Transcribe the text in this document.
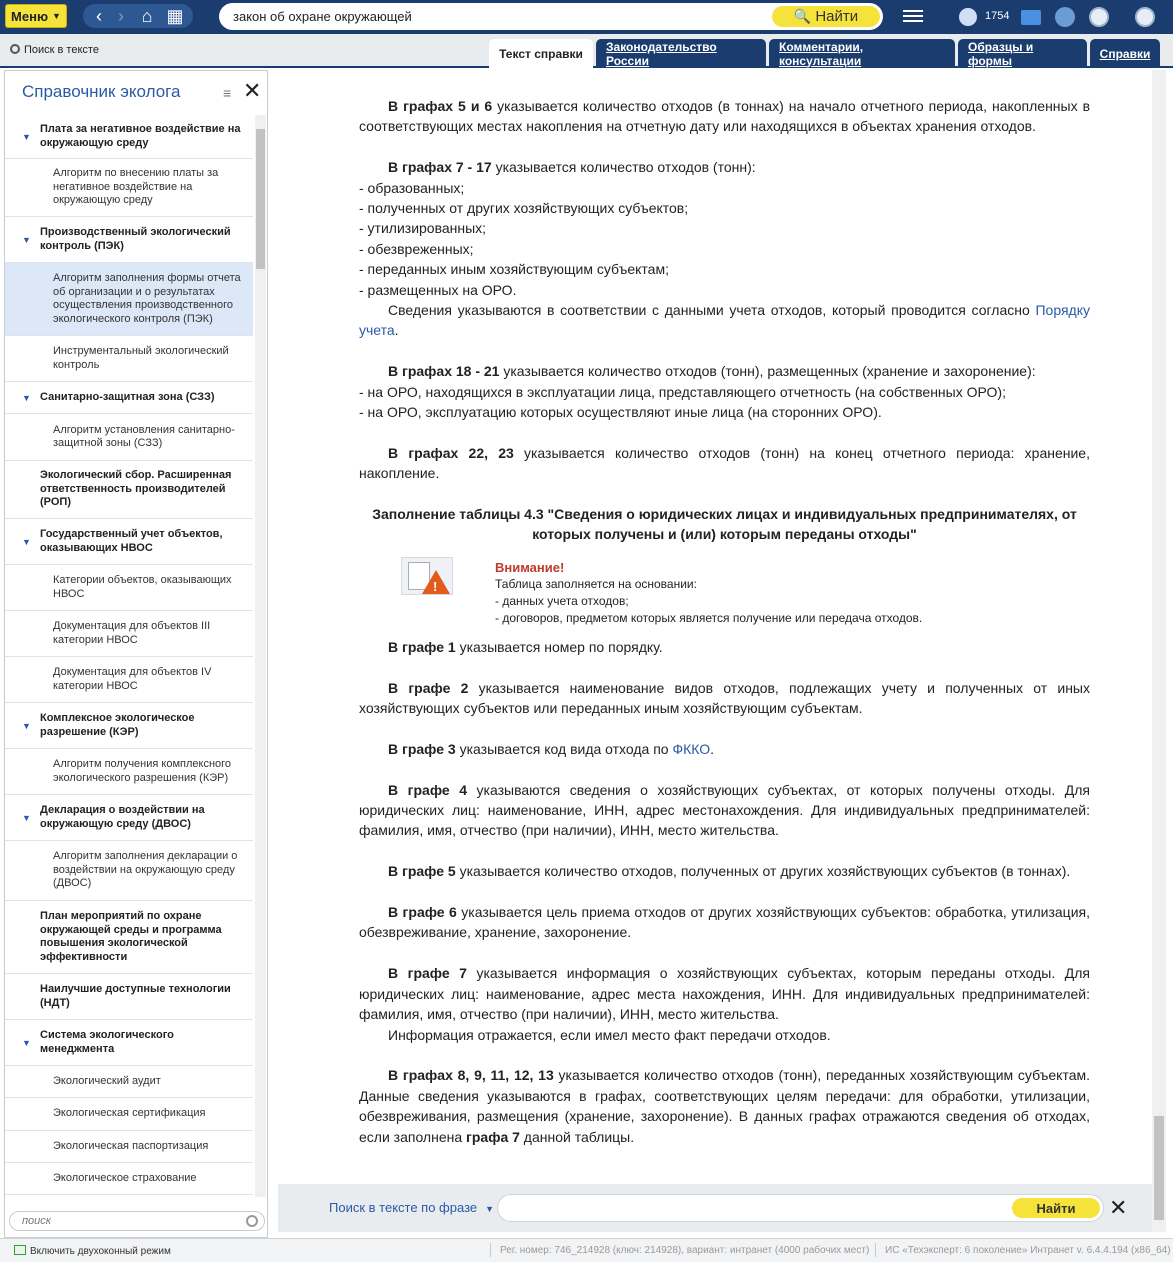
Меню ▼	‹ › ⌂ ▦
закон об охране окружающей	🔍 Найти	1754
Поиск в тексте	Текст справки	Законодательство России
Комментарии, консультации
Образцы и формы	Справки
Справочник эколога	≡ ✕
▼
Плата за негативное воздействие на окружающую среду
Алгоритм по внесению платы за негативное воздействие на окружающую среду
▼
Производственный экологический контроль (ПЭК)
Алгоритм заполнения формы отчета об организации и о результатах осуществления производственного экологического контроля (ПЭК)
Инструментальный экологический контроль
▼ Санитарно-защитная зона (СЗЗ)
Алгоритм установления санитарно-защитной зоны (СЗЗ)
Экологический сбор. Расширенная ответственность производителей (РОП)
▼
Государственный учет объектов, оказывающих НВОС
Категории объектов, оказывающих НВОС
Документация для объектов III категории НВОС
Документация для объектов IV категории НВОС
▼
Комплексное экологическое разрешение (КЭР)
Алгоритм получения комплексного экологического разрешения (КЭР)
▼
Декларация о воздействии на окружающую среду (ДВОС)
Алгоритм заполнения декларации о воздействии на окружающую среду (ДВОС)
План мероприятий по охране окружающей среды и программа повышения экологической эффективности
Наилучшие доступные технологии (НДТ)
▼
Система экологического менеджмента
Экологический аудит
Экологическая сертификация
Экологическая паспортизация
Экологическое страхование
поиск

В графах 5 и 6 указывается количество отходов (в тоннах) на начало отчетного периода, накопленных в соответствующих местах накопления на отчетную дату или находящихся в объектах хранения отходов.

В графах 7 - 17 указывается количество отходов (тонн):

- образованных;

- полученных от других хозяйствующих субъектов;

- утилизированных;

- обезвреженных;

- переданных иным хозяйствующим субъектам;

- размещенных на ОРО.

Сведения указываются в соответствии с данными учета отходов, который проводится согласно Порядку учета.

В графах 18 - 21 указывается количество отходов (тонн), размещенных (хранение и захоронение):

- на ОРО, находящихся в эксплуатации лица, представляющего отчетность (на собственных ОРО);

- на ОРО, эксплуатацию которых осуществляют иные лица (на сторонних ОРО).

В графах 22, 23 указывается количество отходов (тонн) на конец отчетного периода: хранение, накопление.

Заполнение таблицы 4.3 "Сведения о юридических лицах и индивидуальных предпринимателях, от которых получены и (или) которым переданы отходы"

!
Внимание!
Таблица заполняется на основании:
- данных учета отходов;
- договоров, предметом которых является получение или передача отходов.

В графе 1 указывается номер по порядку.

В графе 2 указывается наименование видов отходов, подлежащих учету и полученных от иных хозяйствующих субъектов или переданных иным хозяйствующим субъектам.

В графе 3 указывается код вида отхода по ФККО.

В графе 4 указываются сведения о хозяйствующих субъектах, от которых получены отходы. Для юридических лиц: наименование, ИНН, адрес местонахождения. Для индивидуальных предпринимателей: фамилия, имя, отчество (при наличии), ИНН, место жительства.

В графе 5 указывается количество отходов, полученных от других хозяйствующих субъектов (в тоннах).

В графе 6 указывается цель приема отходов от других хозяйствующих субъектов: обработка, утилизация, обезвреживание, хранение, захоронение.

В графе 7 указывается информация о хозяйствующих субъектах, которым переданы отходы. Для юридических лиц: наименование, адрес места нахождения, ИНН. Для индивидуальных предпринимателей: фамилия, имя, отчество (при наличии), ИНН, место жительства.

Информация отражается, если имел место факт передачи отходов.

В графах 8, 9, 11, 12, 13 указывается количество отходов (тонн), переданных хозяйствующим субъектам. Данные сведения указываются в графах, соответствующих целям передачи: для обработки, утилизации, обезвреживания, размещения (хранение, захоронение). В данных графах отражаются сведения об отходах, если заполнена графа 7 данной таблицы.

Поиск в тексте по фразе ▼	Найти	✕
Включить двухоконный режим	Рег. номер: 746_214928 (ключ: 214928), вариант: интранет (4000 рабочих мест) ИС «Техэксперт: 6 поколение» Интранет v. 6.4.4.194 (x86_64)
